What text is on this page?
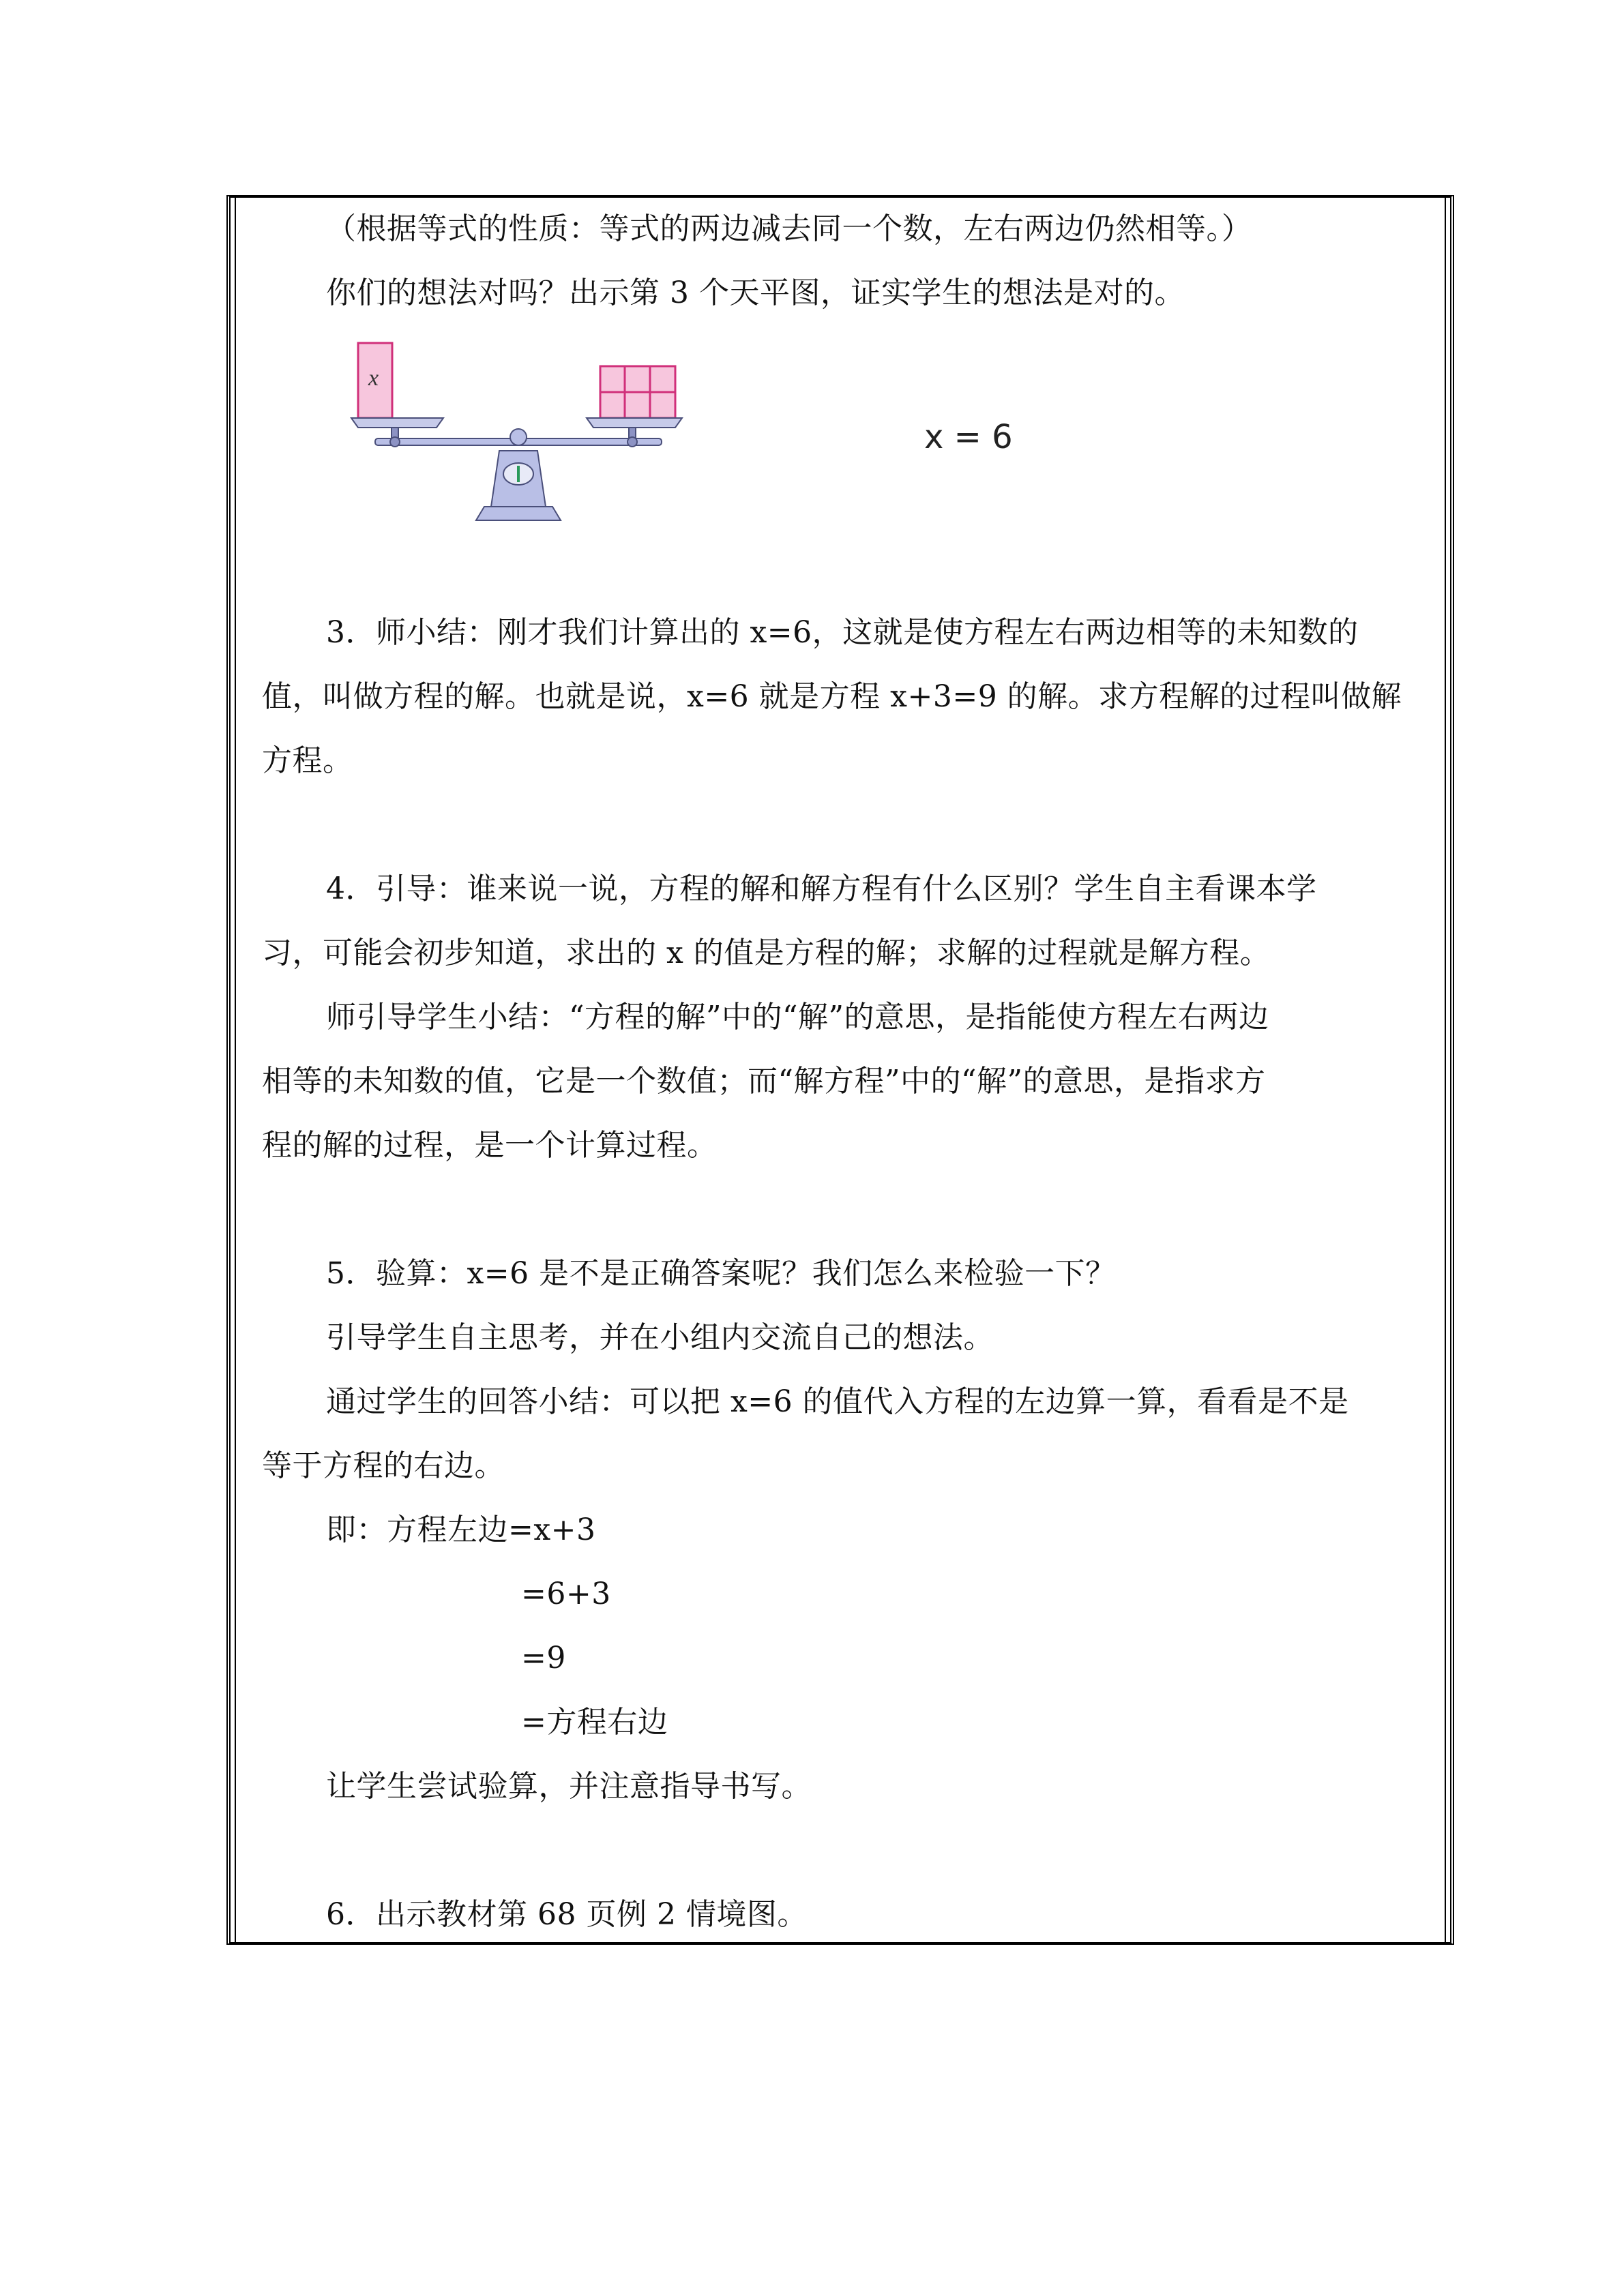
（根据等式的性质：等式的两边减去同一个数，左右两边仍然相等。）
你们的想法对吗？出示第 3 个天平图，证实学生的想法是对的。
x
x = 6
3．师小结：刚才我们计算出的 x=6，这就是使方程左右两边相等的未知数的
值，叫做方程的解。也就是说，x=6 就是方程 x+3=9 的解。求方程解的过程叫做解
方程。
4．引导：谁来说一说，方程的解和解方程有什么区别？学生自主看课本学
习，可能会初步知道，求出的 x 的值是方程的解；求解的过程就是解方程。
师引导学生小结：“方程的解”中的“解”的意思，是指能使方程左右两边
相等的未知数的值，它是一个数值；而“解方程”中的“解”的意思，是指求方
程的解的过程，是一个计算过程。
5．验算：x=6 是不是正确答案呢？我们怎么来检验一下？
引导学生自主思考，并在小组内交流自己的想法。
通过学生的回答小结：可以把 x=6 的值代入方程的左边算一算，看看是不是
等于方程的右边。
即：方程左边=x+3
=6+3
=9
=方程右边
让学生尝试验算，并注意指导书写。
6．出示教材第 68 页例 2 情境图。
